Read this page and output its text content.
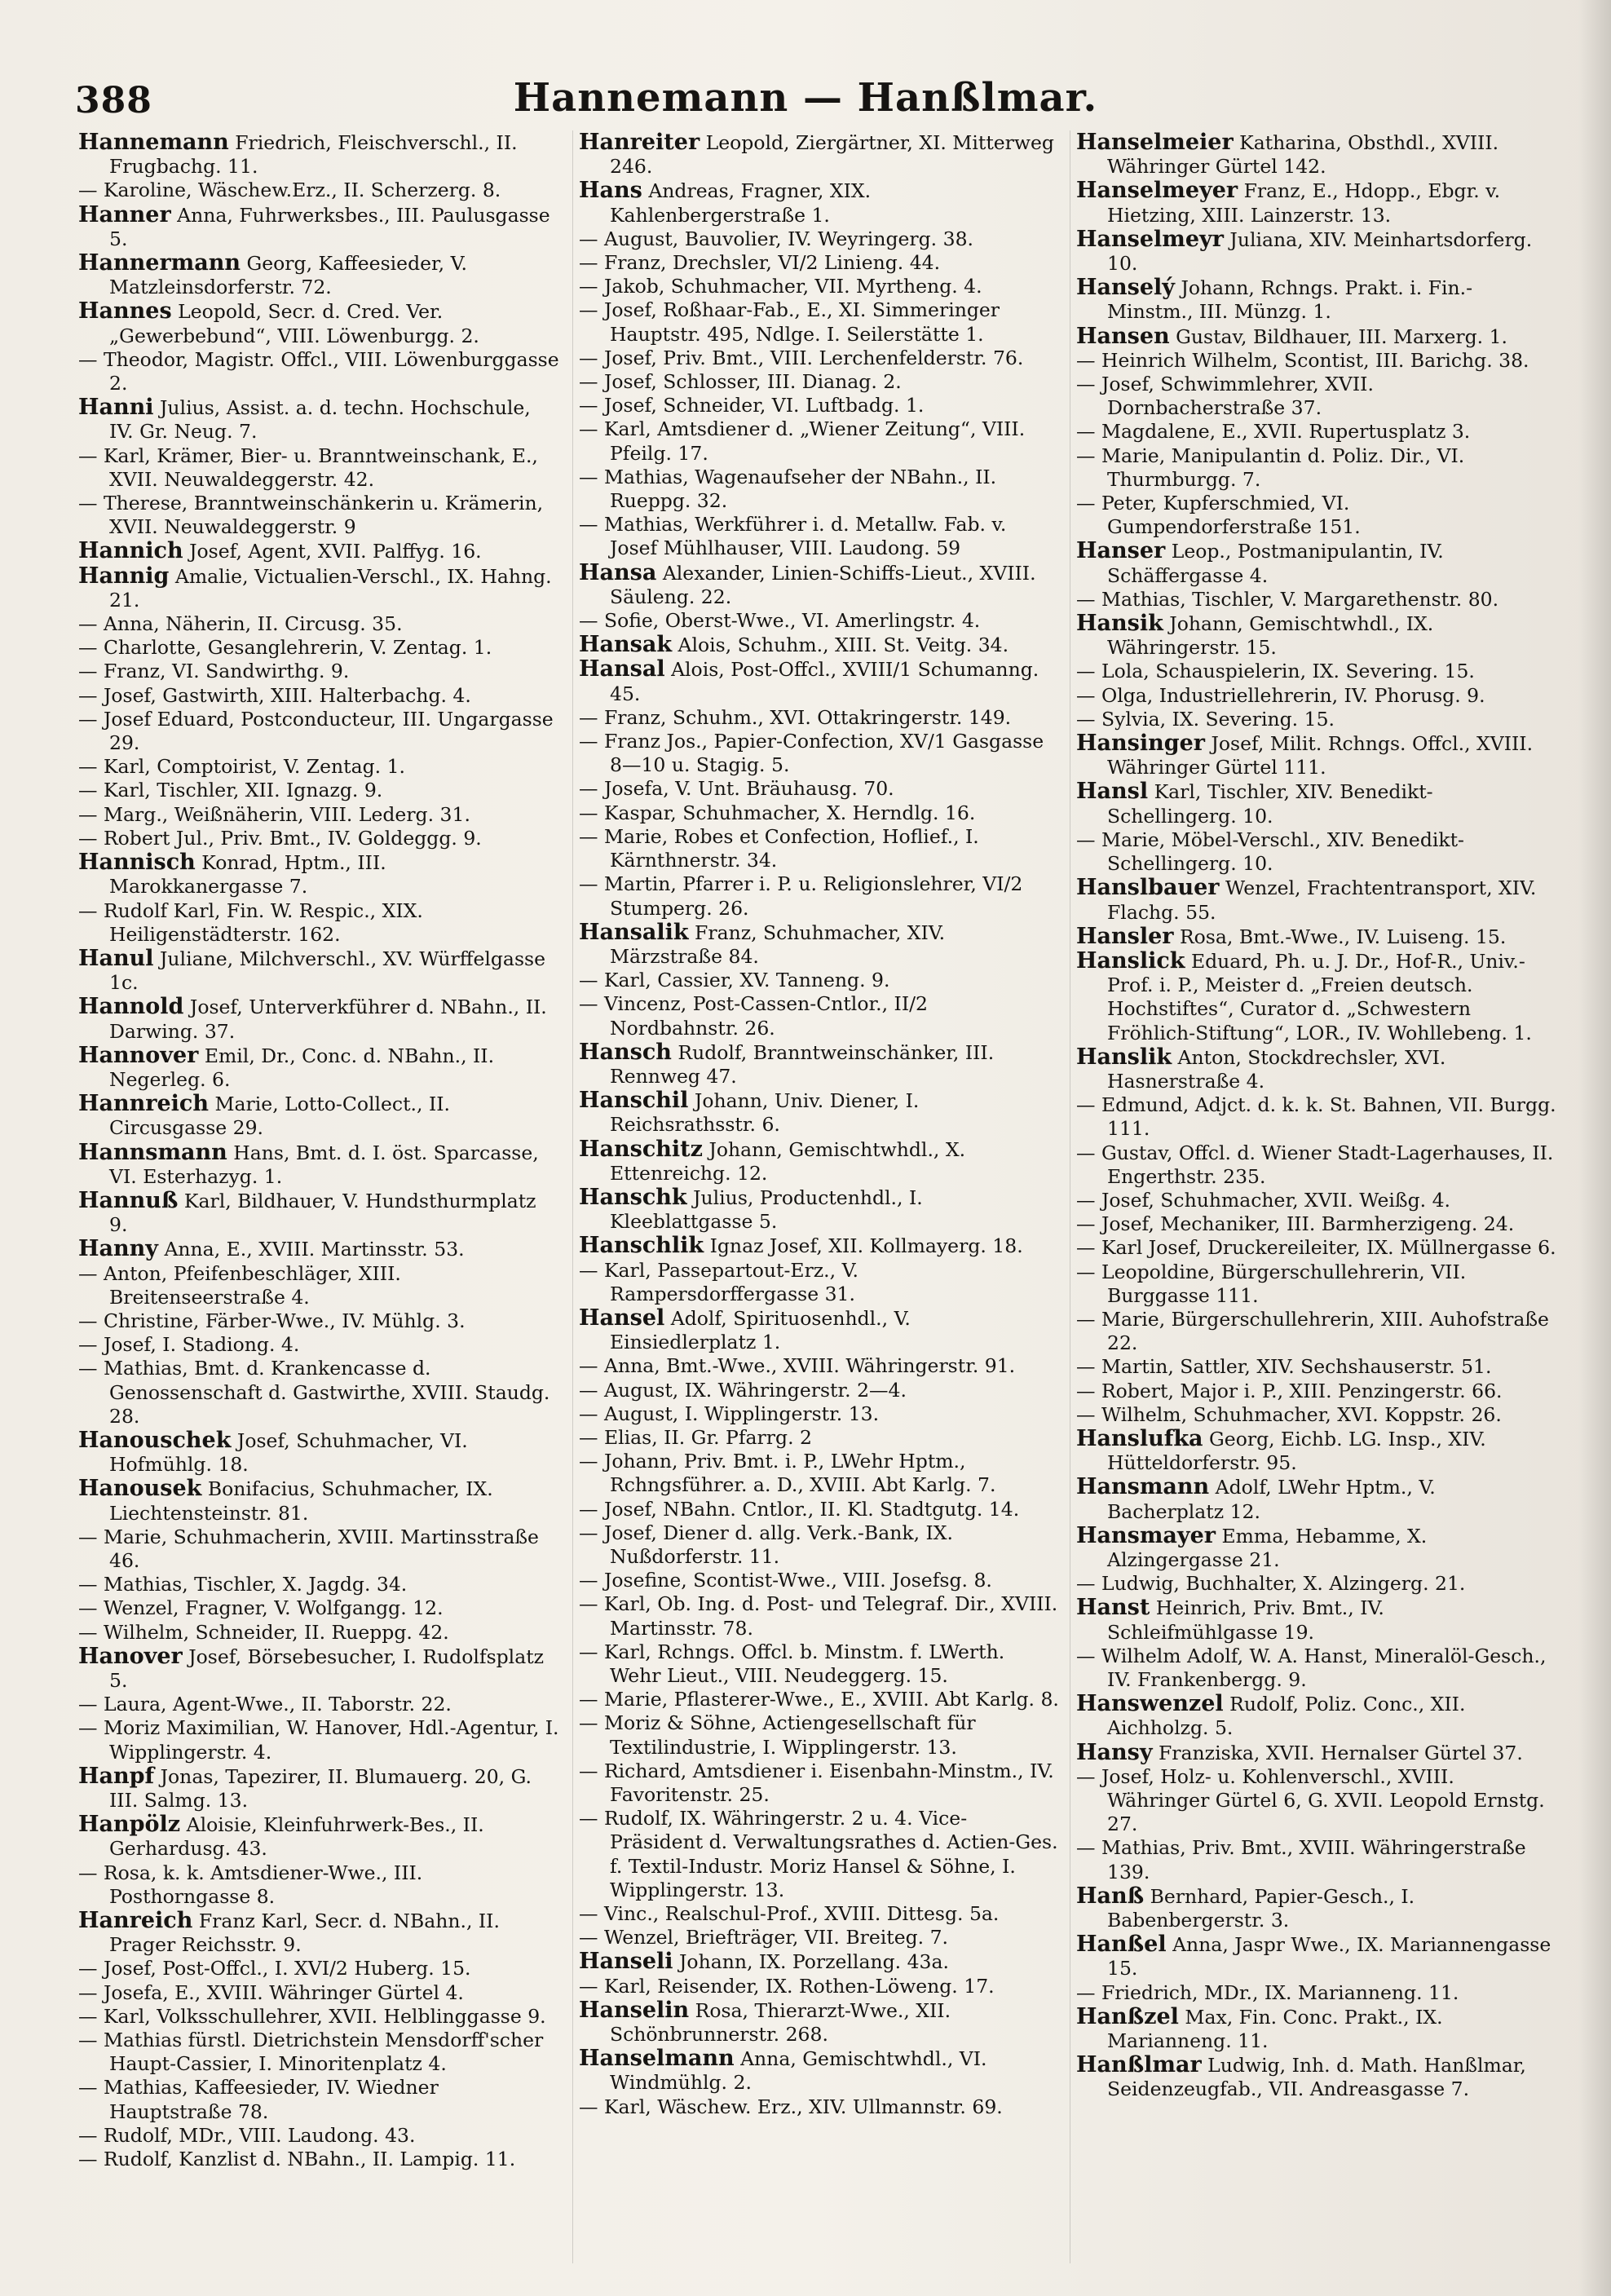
388	Hannemann — Hanßlmar.

Hannemann Friedrich, Fleischverschl., II. Frugbachg. 11.

— Karoline, Wäschew.Erz., II. Scherzerg. 8.

Hanner Anna, Fuhrwerksbes., III. Paulusgasse 5.

Hannermann Georg, Kaffeesieder, V. Matzleinsdorferstr. 72.

Hannes Leopold, Secr. d. Cred. Ver. „Gewerbebund“, VIII. Löwenburgg. 2.

— Theodor, Magistr. Offcl., VIII. Löwenburggasse 2.

Hanni Julius, Assist. a. d. techn. Hochschule, IV. Gr. Neug. 7.

— Karl, Krämer, Bier- u. Branntweinschank, E., XVII. Neuwaldeggerstr. 42.

— Therese, Branntweinschänkerin u. Krämerin, XVII. Neuwaldeggerstr. 9

Hannich Josef, Agent, XVII. Palffyg. 16.

Hannig Amalie, Victualien-Verschl., IX. Hahng. 21.

— Anna, Näherin, II. Circusg. 35.

— Charlotte, Gesanglehrerin, V. Zentag. 1.

— Franz, VI. Sandwirthg. 9.

— Josef, Gastwirth, XIII. Halterbachg. 4.

— Josef Eduard, Postconducteur, III. Ungargasse 29.

— Karl, Comptoirist, V. Zentag. 1.

— Karl, Tischler, XII. Ignazg. 9.

— Marg., Weißnäherin, VIII. Lederg. 31.

— Robert Jul., Priv. Bmt., IV. Goldeggg. 9.

Hannisch Konrad, Hptm., III. Marokkanergasse 7.

— Rudolf Karl, Fin. W. Respic., XIX. Heiligenstädterstr. 162.

Hanul Juliane, Milchverschl., XV. Würffelgasse 1c.

Hannold Josef, Unterverkführer d. NBahn., II. Darwing. 37.

Hannover Emil, Dr., Conc. d. NBahn., II. Negerleg. 6.

Hannreich Marie, Lotto-Collect., II. Circusgasse 29.

Hannsmann Hans, Bmt. d. I. öst. Sparcasse, VI. Esterhazyg. 1.

Hannuß Karl, Bildhauer, V. Hundsthurmplatz 9.

Hanny Anna, E., XVIII. Martinsstr. 53.

— Anton, Pfeifenbeschläger, XIII. Breitenseerstraße 4.

— Christine, Färber-Wwe., IV. Mühlg. 3.

— Josef, I. Stadiong. 4.

— Mathias, Bmt. d. Krankencasse d. Genossenschaft d. Gastwirthe, XVIII. Staudg. 28.

Hanouschek Josef, Schuhmacher, VI. Hofmühlg. 18.

Hanousek Bonifacius, Schuhmacher, IX. Liechtensteinstr. 81.

— Marie, Schuhmacherin, XVIII. Martinsstraße 46.

— Mathias, Tischler, X. Jagdg. 34.

— Wenzel, Fragner, V. Wolfgangg. 12.

— Wilhelm, Schneider, II. Rueppg. 42.

Hanover Josef, Börsebesucher, I. Rudolfsplatz 5.

— Laura, Agent-Wwe., II. Taborstr. 22.

— Moriz Maximilian, W. Hanover, Hdl.-Agentur, I. Wipplingerstr. 4.

Hanpf Jonas, Tapezirer, II. Blumauerg. 20, G. III. Salmg. 13.

Hanpölz Aloisie, Kleinfuhrwerk-Bes., II. Gerhardusg. 43.

— Rosa, k. k. Amtsdiener-Wwe., III. Posthorngasse 8.

Hanreich Franz Karl, Secr. d. NBahn., II. Prager Reichsstr. 9.

— Josef, Post-Offcl., I. XVI/2 Huberg. 15.

— Josefa, E., XVIII. Währinger Gürtel 4.

— Karl, Volksschullehrer, XVII. Helblinggasse 9.

— Mathias fürstl. Dietrichstein Mensdorff'scher Haupt-Cassier, I. Minoritenplatz 4.

— Mathias, Kaffeesieder, IV. Wiedner Hauptstraße 78.

— Rudolf, MDr., VIII. Laudong. 43.

— Rudolf, Kanzlist d. NBahn., II. Lampig. 11.

Hanreiter Leopold, Ziergärtner, XI. Mitterweg 246.

Hans Andreas, Fragner, XIX. Kahlenbergerstraße 1.

— August, Bauvolier, IV. Weyringerg. 38.

— Franz, Drechsler, VI/2 Linieng. 44.

— Jakob, Schuhmacher, VII. Myrtheng. 4.

— Josef, Roßhaar-Fab., E., XI. Simmeringer Hauptstr. 495, Ndlge. I. Seilerstätte 1.

— Josef, Priv. Bmt., VIII. Lerchenfelderstr. 76.

— Josef, Schlosser, III. Dianag. 2.

— Josef, Schneider, VI. Luftbadg. 1.

— Karl, Amtsdiener d. „Wiener Zeitung“, VIII. Pfeilg. 17.

— Mathias, Wagenaufseher der NBahn., II. Rueppg. 32.

— Mathias, Werkführer i. d. Metallw. Fab. v. Josef Mühlhauser, VIII. Laudong. 59

Hansa Alexander, Linien-Schiffs-Lieut., XVIII. Säuleng. 22.

— Sofie, Oberst-Wwe., VI. Amerlingstr. 4.

Hansak Alois, Schuhm., XIII. St. Veitg. 34.

Hansal Alois, Post-Offcl., XVIII/1 Schumanng. 45.

— Franz, Schuhm., XVI. Ottakringerstr. 149.

— Franz Jos., Papier-Confection, XV/1 Gasgasse 8—10 u. Stagig. 5.

— Josefa, V. Unt. Bräuhausg. 70.

— Kaspar, Schuhmacher, X. Herndlg. 16.

— Marie, Robes et Confection, Hoflief., I. Kärnthnerstr. 34.

— Martin, Pfarrer i. P. u. Religionslehrer, VI/2 Stumperg. 26.

Hansalik Franz, Schuhmacher, XIV. Märzstraße 84.

— Karl, Cassier, XV. Tanneng. 9.

— Vincenz, Post-Cassen-Cntlor., II/2 Nordbahnstr. 26.

Hansch Rudolf, Branntweinschänker, III. Rennweg 47.

Hanschil Johann, Univ. Diener, I. Reichsrathsstr. 6.

Hanschitz Johann, Gemischtwhdl., X. Ettenreichg. 12.

Hanschk Julius, Productenhdl., I. Kleeblattgasse 5.

Hanschlik Ignaz Josef, XII. Kollmayerg. 18.

— Karl, Passepartout-Erz., V. Rampersdorffergasse 31.

Hansel Adolf, Spirituosenhdl., V. Einsiedlerplatz 1.

— Anna, Bmt.-Wwe., XVIII. Währingerstr. 91.

— August, IX. Währingerstr. 2—4.

— August, I. Wipplingerstr. 13.

— Elias, II. Gr. Pfarrg. 2

— Johann, Priv. Bmt. i. P., LWehr Hptm., Rchngsführer. a. D., XVIII. Abt Karlg. 7.

— Josef, NBahn. Cntlor., II. Kl. Stadtgutg. 14.

— Josef, Diener d. allg. Verk.-Bank, IX. Nußdorferstr. 11.

— Josefine, Scontist-Wwe., VIII. Josefsg. 8.

— Karl, Ob. Ing. d. Post- und Telegraf. Dir., XVIII. Martinsstr. 78.

— Karl, Rchngs. Offcl. b. Minstm. f. LWerth. Wehr Lieut., VIII. Neudeggerg. 15.

— Marie, Pflasterer-Wwe., E., XVIII. Abt Karlg. 8.

— Moriz & Söhne, Actiengesellschaft für Textilindustrie, I. Wipplingerstr. 13.

— Richard, Amtsdiener i. Eisenbahn-Minstm., IV. Favoritenstr. 25.

— Rudolf, IX. Währingerstr. 2 u. 4. Vice-Präsident d. Verwaltungsrathes d. Actien-Ges. f. Textil-Industr. Moriz Hansel & Söhne, I. Wipplingerstr. 13.

— Vinc., Realschul-Prof., XVIII. Dittesg. 5a.

— Wenzel, Briefträger, VII. Breiteg. 7.

Hanseli Johann, IX. Porzellang. 43a.

— Karl, Reisender, IX. Rothen-Löweng. 17.

Hanselin Rosa, Thierarzt-Wwe., XII. Schönbrunnerstr. 268.

Hanselmann Anna, Gemischtwhdl., VI. Windmühlg. 2.

— Karl, Wäschew. Erz., XIV. Ullmannstr. 69.

Hanselmeier Katharina, Obsthdl., XVIII. Währinger Gürtel 142.

Hanselmeyer Franz, E., Hdopp., Ebgr. v. Hietzing, XIII. Lainzerstr. 13.

Hanselmeyr Juliana, XIV. Meinhartsdorferg. 10.

Hanselý Johann, Rchngs. Prakt. i. Fin.-Minstm., III. Münzg. 1.

Hansen Gustav, Bildhauer, III. Marxerg. 1.

— Heinrich Wilhelm, Scontist, III. Barichg. 38.

— Josef, Schwimmlehrer, XVII. Dornbacherstraße 37.

— Magdalene, E., XVII. Rupertusplatz 3.

— Marie, Manipulantin d. Poliz. Dir., VI. Thurmburgg. 7.

— Peter, Kupferschmied, VI. Gumpendorferstraße 151.

Hanser Leop., Postmanipulantin, IV. Schäffergasse 4.

— Mathias, Tischler, V. Margarethenstr. 80.

Hansik Johann, Gemischtwhdl., IX. Währingerstr. 15.

— Lola, Schauspielerin, IX. Severing. 15.

— Olga, Industriellehrerin, IV. Phorusg. 9.

— Sylvia, IX. Severing. 15.

Hansinger Josef, Milit. Rchngs. Offcl., XVIII. Währinger Gürtel 111.

Hansl Karl, Tischler, XIV. Benedikt-Schellingerg. 10.

— Marie, Möbel-Verschl., XIV. Benedikt-Schellingerg. 10.

Hanslbauer Wenzel, Frachtentransport, XIV. Flachg. 55.

Hansler Rosa, Bmt.-Wwe., IV. Luiseng. 15.

Hanslick Eduard, Ph. u. J. Dr., Hof-R., Univ.-Prof. i. P., Meister d. „Freien deutsch. Hochstiftes“, Curator d. „Schwestern Fröhlich-Stiftung“, LOR., IV. Wohllebeng. 1.

Hanslik Anton, Stockdrechsler, XVI. Hasnerstraße 4.

— Edmund, Adjct. d. k. k. St. Bahnen, VII. Burgg. 111.

— Gustav, Offcl. d. Wiener Stadt-Lagerhauses, II. Engerthstr. 235.

— Josef, Schuhmacher, XVII. Weißg. 4.

— Josef, Mechaniker, III. Barmherzigeng. 24.

— Karl Josef, Druckereileiter, IX. Müllnergasse 6.

— Leopoldine, Bürgerschullehrerin, VII. Burggasse 111.

— Marie, Bürgerschullehrerin, XIII. Auhofstraße 22.

— Martin, Sattler, XIV. Sechshauserstr. 51.

— Robert, Major i. P., XIII. Penzingerstr. 66.

— Wilhelm, Schuhmacher, XVI. Koppstr. 26.

Hanslufka Georg, Eichb. LG. Insp., XIV. Hütteldorferstr. 95.

Hansmann Adolf, LWehr Hptm., V. Bacherplatz 12.

Hansmayer Emma, Hebamme, X. Alzingergasse 21.

— Ludwig, Buchhalter, X. Alzingerg. 21.

Hanst Heinrich, Priv. Bmt., IV. Schleifmühlgasse 19.

— Wilhelm Adolf, W. A. Hanst, Mineralöl-Gesch., IV. Frankenbergg. 9.

Hanswenzel Rudolf, Poliz. Conc., XII. Aichholzg. 5.

Hansy Franziska, XVII. Hernalser Gürtel 37.

— Josef, Holz- u. Kohlenverschl., XVIII. Währinger Gürtel 6, G. XVII. Leopold Ernstg. 27.

— Mathias, Priv. Bmt., XVIII. Währingerstraße 139.

Hanß Bernhard, Papier-Gesch., I. Babenbergerstr. 3.

Hanßel Anna, Jaspr Wwe., IX. Mariannengasse 15.

— Friedrich, MDr., IX. Marianneng. 11.

Hanßzel Max, Fin. Conc. Prakt., IX. Marianneng. 11.

Hanßlmar Ludwig, Inh. d. Math. Hanßlmar, Seidenzeugfab., VII. Andreasgasse 7.
